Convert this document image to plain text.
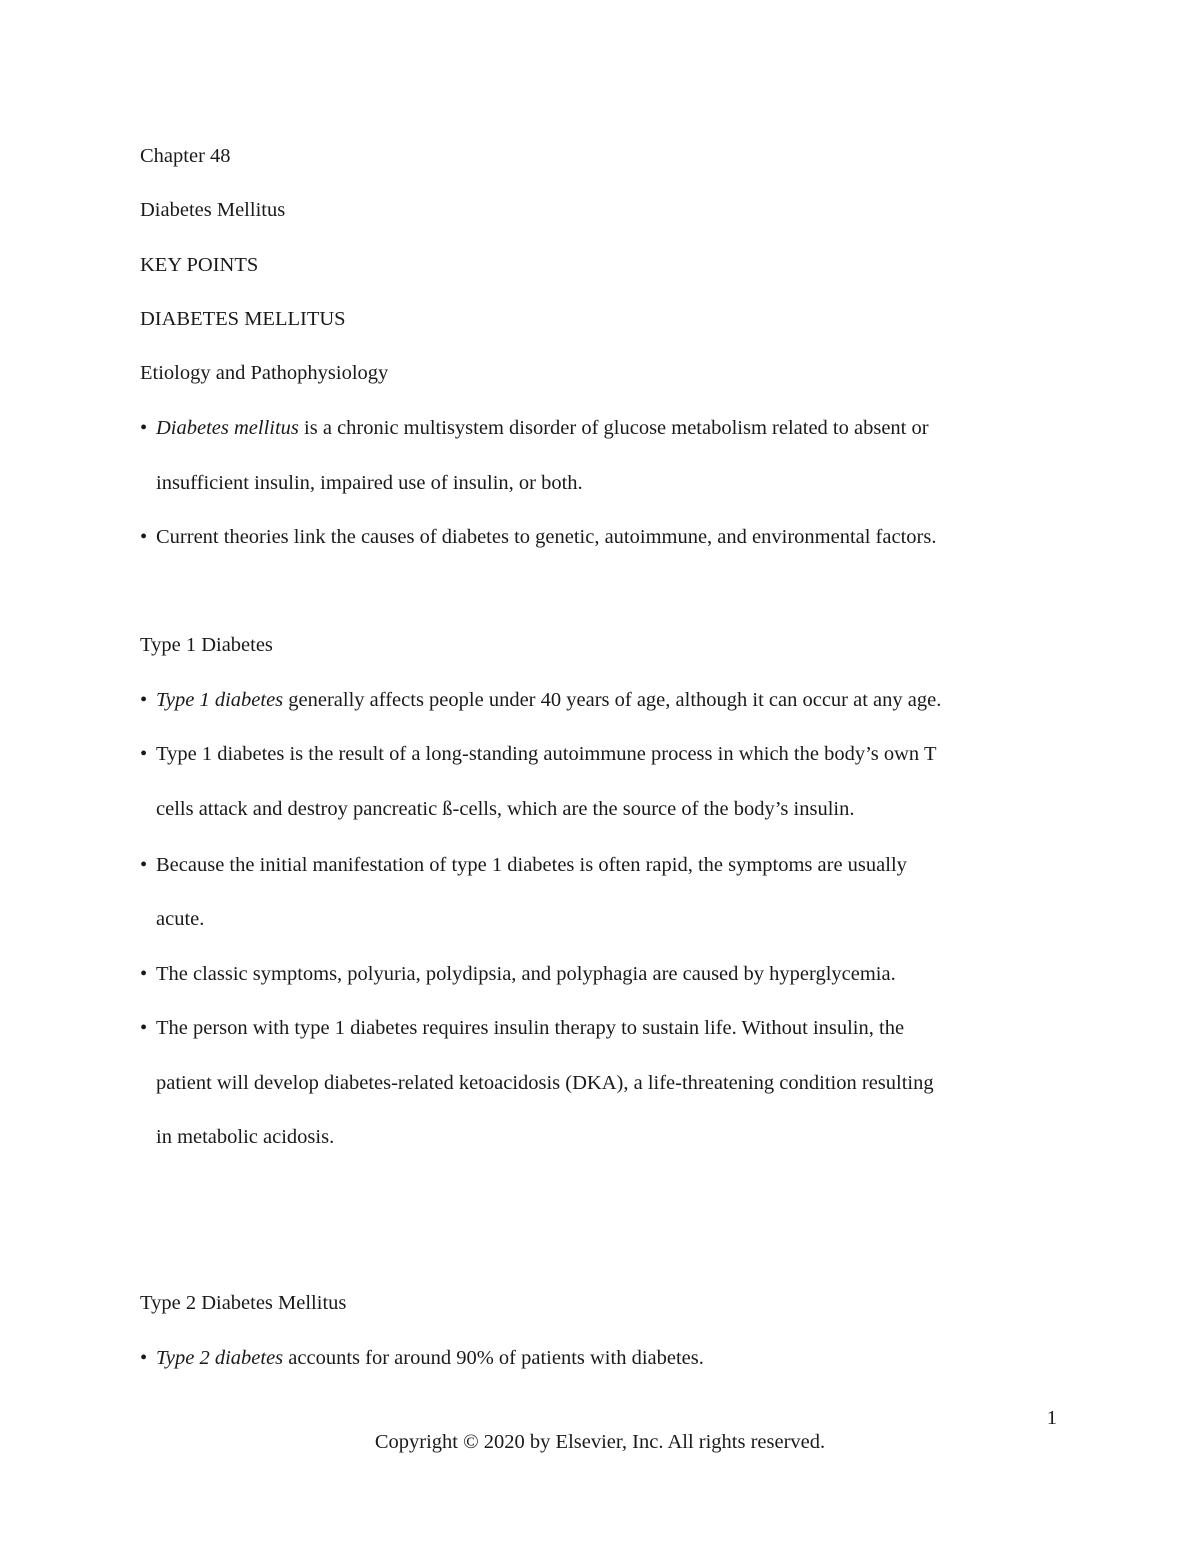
Chapter 48
Diabetes Mellitus
KEY POINTS
DIABETES MELLITUS
Etiology and Pathophysiology
• Diabetes mellitus is a chronic multisystem disorder of glucose metabolism related to absent or
insufficient insulin, impaired use of insulin, or both.
• Current theories link the causes of diabetes to genetic, autoimmune, and environmental factors.
Type 1 Diabetes
• Type 1 diabetes generally affects people under 40 years of age, although it can occur at any age.
• Type 1 diabetes is the result of a long-standing autoimmune process in which the body’s own T
cells attack and destroy pancreatic ß-cells, which are the source of the body’s insulin.
• Because the initial manifestation of type 1 diabetes is often rapid, the symptoms are usually
acute.
• The classic symptoms, polyuria, polydipsia, and polyphagia are caused by hyperglycemia.
• The person with type 1 diabetes requires insulin therapy to sustain life. Without insulin, the
patient will develop diabetes-related ketoacidosis (DKA), a life-threatening condition resulting
in metabolic acidosis.
Type 2 Diabetes Mellitus
• Type 2 diabetes accounts for around 90% of patients with diabetes.
1
Copyright © 2020 by Elsevier, Inc. All rights reserved.
